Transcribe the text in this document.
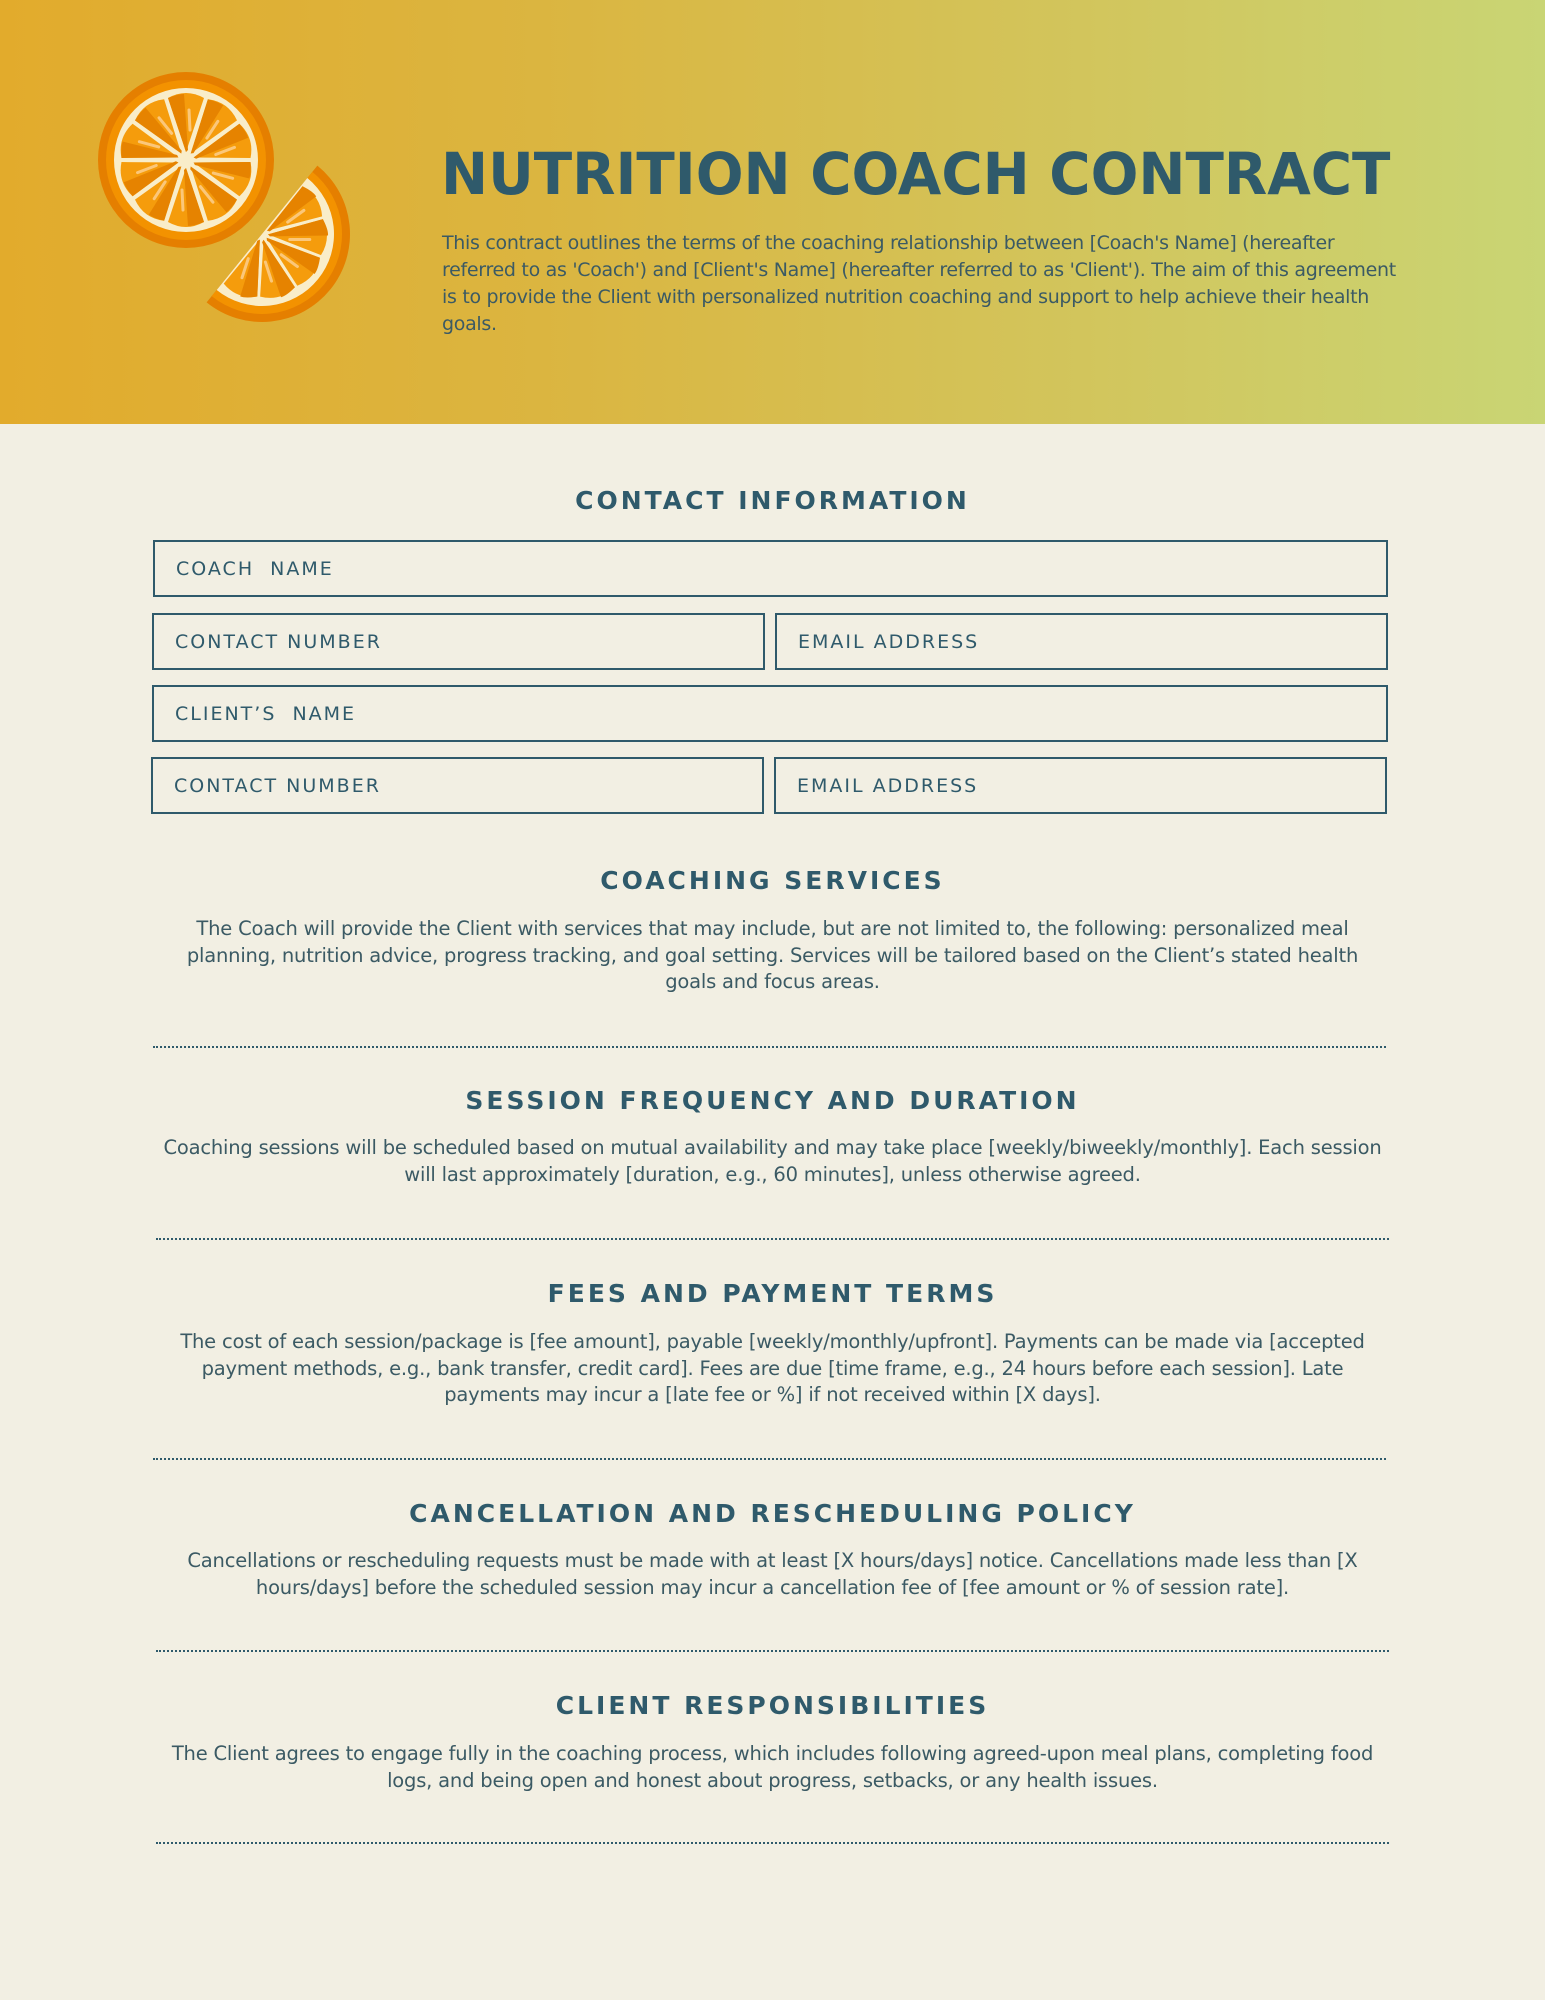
NUTRITION COACH CONTRACT

This contract outlines the terms of the coaching relationship between [Coach's Name] (hereafter referred to as 'Coach') and [Client's Name] (hereafter referred to as 'Client'). The aim of this agreement is to provide the Client with personalized nutrition coaching and support to help achieve their health goals.

CONTACT INFORMATION
COACH  NAME
CONTACT NUMBER	EMAIL ADDRESS
CLIENT’S  NAME
CONTACT NUMBER	EMAIL ADDRESS
COACHING SERVICES

The Coach will provide the Client with services that may include, but are not limited to, the following: personalized meal planning, nutrition advice, progress tracking, and goal setting. Services will be tailored based on the Client’s stated health goals and focus areas.

SESSION FREQUENCY AND DURATION

Coaching sessions will be scheduled based on mutual availability and may take place [weekly/biweekly/monthly]. Each session will last approximately [duration, e.g., 60 minutes], unless otherwise agreed.

FEES AND PAYMENT TERMS

The cost of each session/package is [fee amount], payable [weekly/monthly/upfront]. Payments can be made via [accepted payment methods, e.g., bank transfer, credit card]. Fees are due [time frame, e.g., 24 hours before each session]. Late payments may incur a [late fee or %] if not received within [X days].

CANCELLATION AND RESCHEDULING POLICY

Cancellations or rescheduling requests must be made with at least [X hours/days] notice. Cancellations made less than [X hours/days] before the scheduled session may incur a cancellation fee of [fee amount or % of session rate].

CLIENT RESPONSIBILITIES

The Client agrees to engage fully in the coaching process, which includes following agreed-upon meal plans, completing food logs, and being open and honest about progress, setbacks, or any health issues.
